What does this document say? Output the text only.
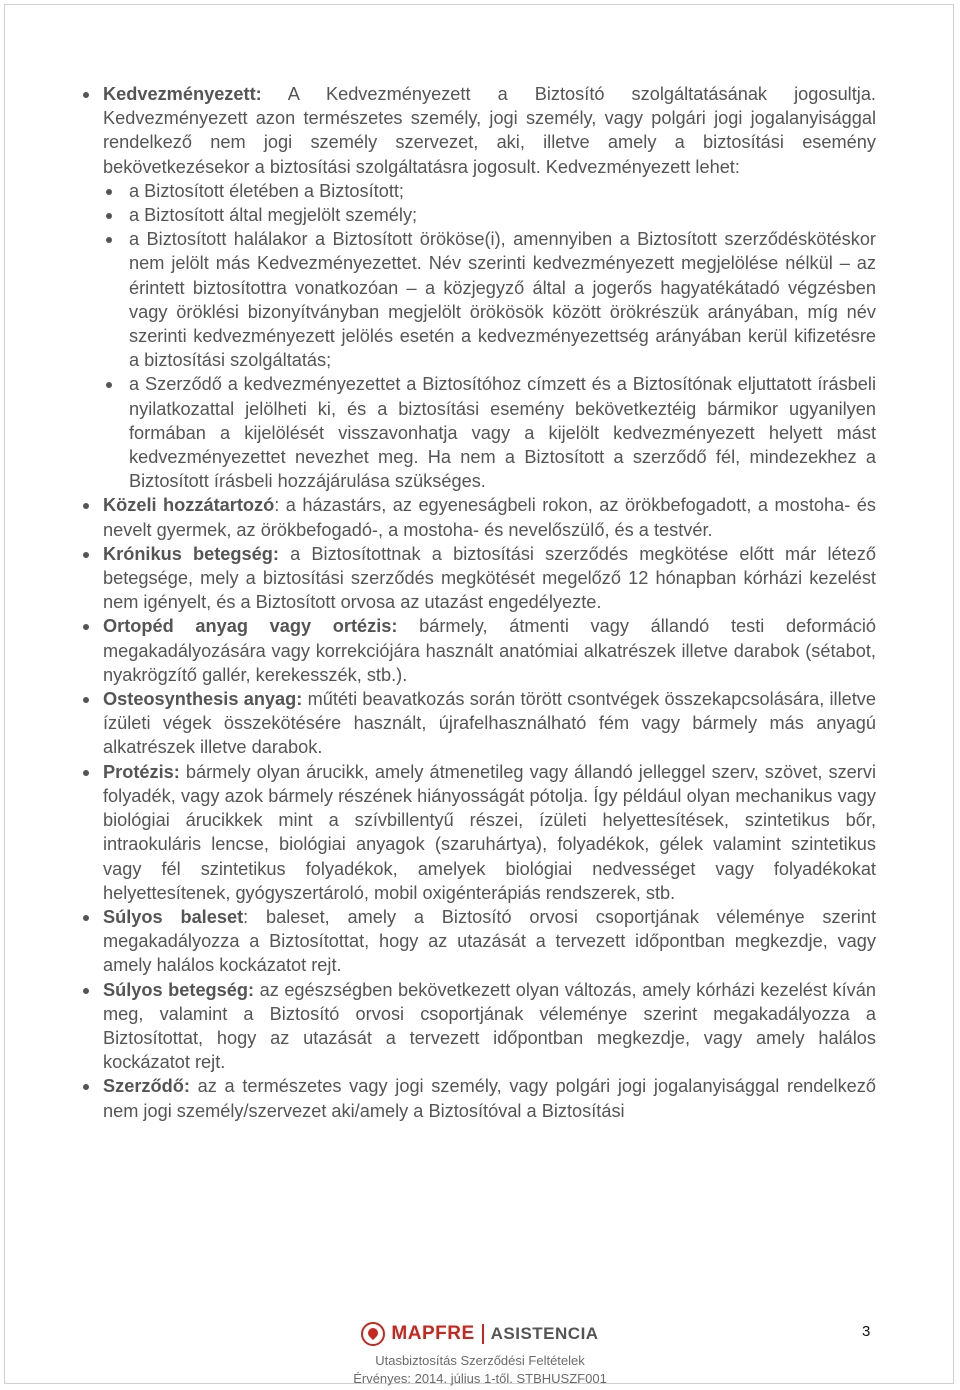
Kedvezményezett: A Kedvezményezett a Biztosító szolgáltatásának jogosultja. Kedvezményezett azon természetes személy, jogi személy, vagy polgári jogi jogalanyisággal rendelkező nem jogi személy szervezet, aki, illetve amely a biztosítási esemény bekövetkezésekor a biztosítási szolgáltatásra jogosult. Kedvezményezett lehet:
a Biztosított életében a Biztosított;
a Biztosított által megjelölt személy;
a Biztosított halálakor a Biztosított örököse(i), amennyiben a Biztosított szerződéskötéskor nem jelölt más Kedvezményezettet. Név szerinti kedvezményezett megjelölése nélkül – az érintett biztosítottra vonatkozóan – a közjegyző által a jogerős hagyatékátadó végzésben vagy öröklési bizonyítványban megjelölt örökösök között örökrészük arányában, míg név szerinti kedvezményezett jelölés esetén a kedvezményezettség arányában kerül kifizetésre a biztosítási szolgáltatás;
a Szerződő a kedvezményezettet a Biztosítóhoz címzett és a Biztosítónak eljuttatott írásbeli nyilatkozattal jelölheti ki, és a biztosítási esemény bekövetkeztéig bármikor ugyanilyen formában a kijelölését visszavonhatja vagy a kijelölt kedvezményezett helyett mást kedvezményezettet nevezhet meg. Ha nem a Biztosított a szerződő fél, mindezekhez a Biztosított írásbeli hozzájárulása szükséges.
Közeli hozzátartozó: a házastárs, az egyeneságbeli rokon, az örökbefogadott, a mostoha- és nevelt gyermek, az örökbefogadó-, a mostoha- és nevelőszülő, és a testvér.
Krónikus betegség: a Biztosítottnak a biztosítási szerződés megkötése előtt már létező betegsége, mely a biztosítási szerződés megkötését megelőző 12 hónapban kórházi kezelést nem igényelt, és a Biztosított orvosa az utazást engedélyezte.
Ortopéd anyag vagy ortézis: bármely, átmenti vagy állandó testi deformáció megakadályozására vagy korrekciójára használt anatómiai alkatrészek illetve darabok (sétabot, nyakrögzítő gallér, kerekesszék, stb.).
Osteosynthesis anyag: műtéti beavatkozás során törött csontvégek összekapcsolására, illetve ízületi végek összekötésére használt, újrafelhasználható fém vagy bármely más anyagú alkatrészek illetve darabok.
Protézis: bármely olyan árucikk, amely átmenetileg vagy állandó jelleggel szerv, szövet, szervi folyadék, vagy azok bármely részének hiányosságát pótolja. Így például olyan mechanikus vagy biológiai árucikkek mint a szívbillentyű részei, ízületi helyettesítések, szintetikus bőr, intraokuláris lencse, biológiai anyagok (szaruhártya), folyadékok, gélek valamint szintetikus vagy fél szintetikus folyadékok, amelyek biológiai nedvességet vagy folyadékokat helyettesítenek, gyógyszertároló, mobil oxigénterápiás rendszerek, stb.
Súlyos baleset: baleset, amely a Biztosító orvosi csoportjának véleménye szerint megakadályozza a Biztosítottat, hogy az utazását a tervezett időpontban megkezdje, vagy amely halálos kockázatot rejt.
Súlyos betegség: az egészségben bekövetkezett olyan változás, amely kórházi kezelést kíván meg, valamint a Biztosító orvosi csoportjának véleménye szerint megakadályozza a Biztosítottat, hogy az utazását a tervezett időpontban megkezdje, vagy amely halálos kockázatot rejt.
Szerződő: az a természetes vagy jogi személy, vagy polgári jogi jogalanyisággal rendelkező nem jogi személy/szervezet aki/amely a Biztosítóval a Biztosítási
MAPFRE ASISTENCIA
Utasbiztosítás Szerződési Feltételek
Érvényes: 2014. július 1-től. STBHUSZF001
3
